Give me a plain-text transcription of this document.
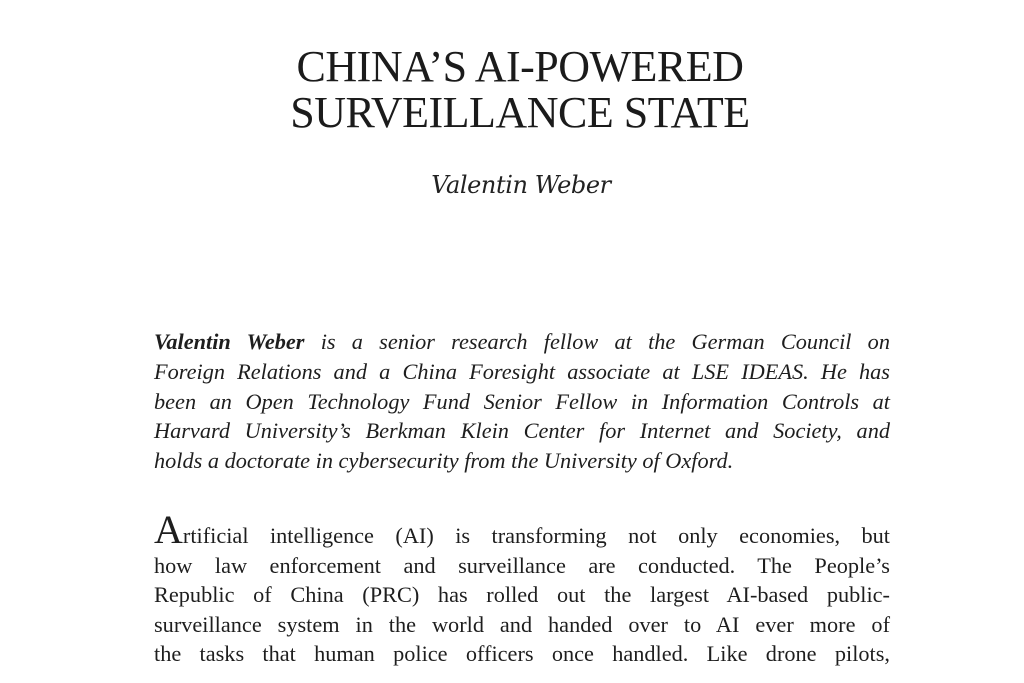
CHINA’S AI-POWERED
SURVEILLANCE STATE
Valentin Weber
Valentin Weber is a senior research fellow at the German Council on
Foreign Relations and a China Foresight associate at LSE IDEAS. He has
been an Open Technology Fund Senior Fellow in Information Controls at
Harvard University’s Berkman Klein Center for Internet and Society, and
holds a doctorate in cybersecurity from the University of Oxford.
Artificial intelligence (AI) is transforming not only economies, but
how law enforcement and surveillance are conducted. The People’s
Republic of China (PRC) has rolled out the largest AI-based public-
surveillance system in the world and handed over to AI ever more of
the tasks that human police officers once handled. Like drone pilots,
